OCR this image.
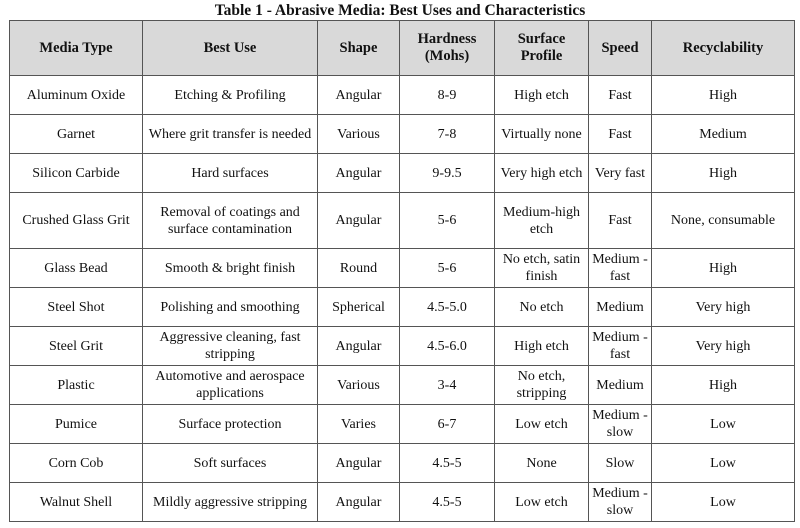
Table 1 - Abrasive Media: Best Uses and Characteristics
Media Type	Best Use	Shape	Hardness (Mohs)	Surface Profile	Speed	Recyclability
Aluminum Oxide	Etching & Profiling	Angular	8-9	High etch	Fast	High
Garnet	Where grit transfer is needed	Various	7-8	Virtually none	Fast	Medium
Silicon Carbide	Hard surfaces	Angular	9-9.5	Very high etch	Very fast	High
Crushed Glass Grit	Removal of coatings and surface contamination	Angular	5-6	Medium-high etch	Fast	None, consumable
Glass Bead	Smooth & bright finish	Round	5-6	No etch, satin finish	Medium -fast	High
Steel Shot	Polishing and smoothing	Spherical	4.5-5.0	No etch	Medium	Very high
Steel Grit	Aggressive cleaning, fast stripping	Angular	4.5-6.0	High etch	Medium -fast	Very high
Plastic	Automotive and aerospace applications	Various	3-4	No etch, stripping	Medium	High
Pumice	Surface protection	Varies	6-7	Low etch	Medium -slow	Low
Corn Cob	Soft surfaces	Angular	4.5-5	None	Slow	Low
Walnut Shell	Mildly aggressive stripping	Angular	4.5-5	Low etch	Medium -slow	Low
